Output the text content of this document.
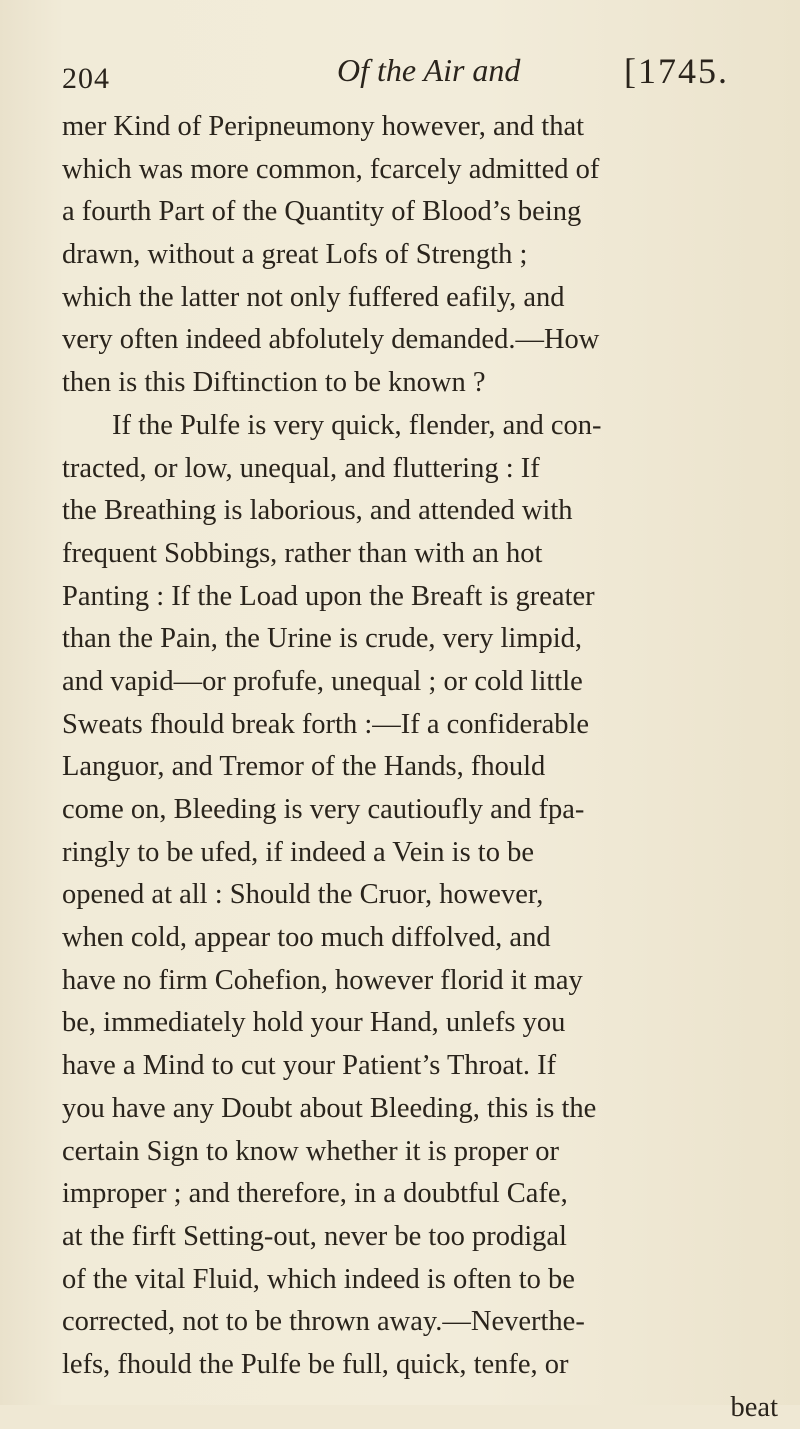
204	Of the Air and	[1745.
mer Kind of Peripneumony however, and that
which was more common, fcarcely admitted of
a fourth Part of the Quantity of Blood’s being
drawn, without a great Lofs of Strength ;
which the latter not only fuffered eafily, and
very often indeed abfolutely demanded.—How
then is this Diftinction to be known ?
If the Pulfe is very quick, flender, and con-
tracted, or low, unequal, and fluttering : If
the Breathing is laborious, and attended with
frequent Sobbings, rather than with an hot
Panting : If the Load upon the Breaft is greater
than the Pain, the Urine is crude, very limpid,
and vapid—or profufe, unequal ; or cold little
Sweats fhould break forth :—If a confiderable
Languor, and Tremor of the Hands, fhould
come on, Bleeding is very cautioufly and fpa-
ringly to be ufed, if indeed a Vein is to be
opened at all : Should the Cruor, however,
when cold, appear too much diffolved, and
have no firm Cohefion, however florid it may
be, immediately hold your Hand, unlefs you
have a Mind to cut your Patient’s Throat. If
you have any Doubt about Bleeding, this is the
certain Sign to know whether it is proper or
improper ; and therefore, in a doubtful Cafe,
at the firft Setting-out, never be too prodigal
of the vital Fluid, which indeed is often to be
corrected, not to be thrown away.—Neverthe-
lefs, fhould the Pulfe be full, quick, tenfe, or
beat
